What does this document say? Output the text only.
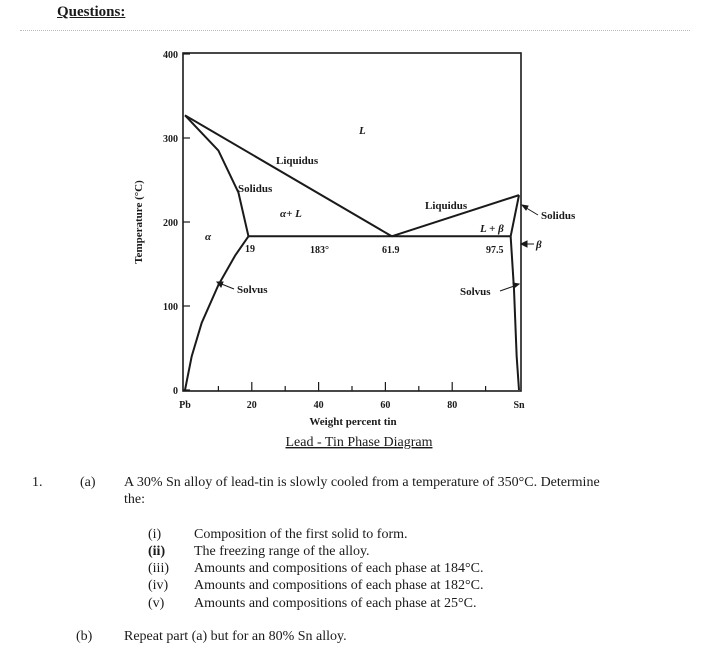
Questions:
0
100
200
300
400
Pb	20	40	60	80	Sn
Temperature (°C)
Weight percent tin
L
Liquidus
Solidus
α+ L
α
Liquidus
L + β
Solidus
β
Solvus	Solvus
19	183°	61.9	97.5
Lead - Tin Phase Diagram
1.	(a) A 30% Sn alloy of lead-tin is slowly cooled from a temperature of 350°C. Determine
the:
(i) Composition of the first solid to form.
(ii) The freezing range of the alloy.
(iii) Amounts and compositions of each phase at 184°C.
(iv) Amounts and compositions of each phase at 182°C.
(v) Amounts and compositions of each phase at 25°C.
(b) Repeat part (a) but for an 80% Sn alloy.
